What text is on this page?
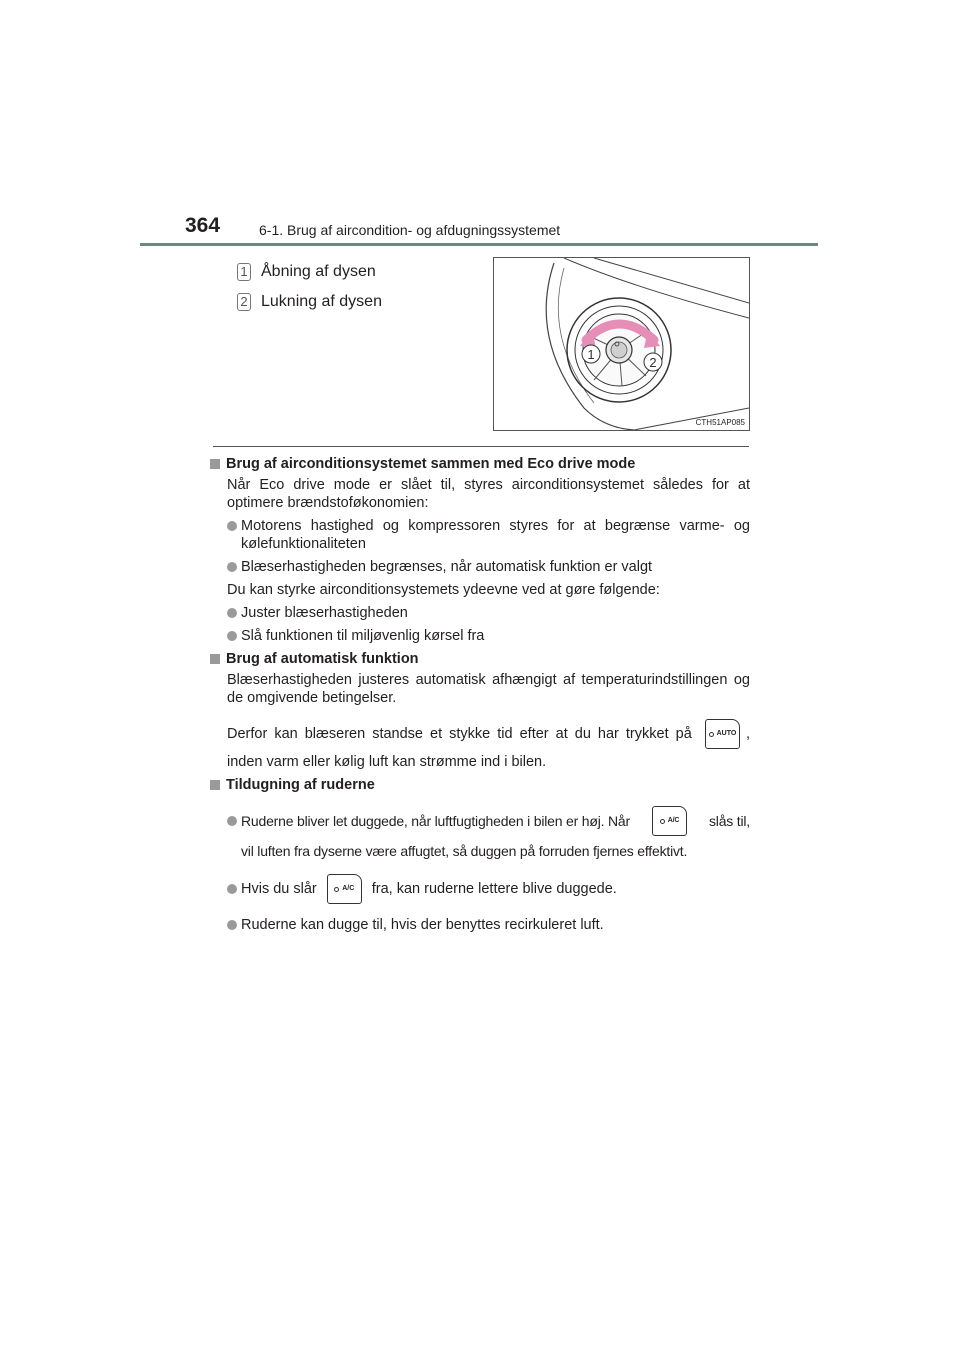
364	6-1. Brug af aircondition- og afdugningssystemet
1 Åbning af dysen
2 Lukning af dysen
1
2
CTH51AP085
Brug af airconditionsystemet sammen med Eco drive mode
Når Eco drive mode er slået til, styres airconditionsystemet således for at optimere brændstoføkonomien:
Motorens hastighed og kompressoren styres for at begrænse varme- og kølefunktionaliteten
Blæserhastigheden begrænses, når automatisk funktion er valgt
Du kan styrke airconditionsystemets ydeevne ved at gøre følgende:
Juster blæserhastigheden
Slå funktionen til miljøvenlig kørsel fra
Brug af automatisk funktion
Blæserhastigheden justeres automatisk afhængigt af temperaturindstillingen og de omgivende betingelser.
Derfor kan blæseren standse et stykke tid efter at du har trykket på	AUTO ,
inden varm eller kølig luft kan strømme ind i bilen.
Tildugning af ruderne
Ruderne bliver let duggede, når luftfugtigheden i bilen er høj. Når	A/C slås til,
vil luften fra dyserne være affugtet, så duggen på forruden fjernes effektivt.
Hvis du slår	A/C fra, kan ruderne lettere blive duggede.
Ruderne kan dugge til, hvis der benyttes recirkuleret luft.
